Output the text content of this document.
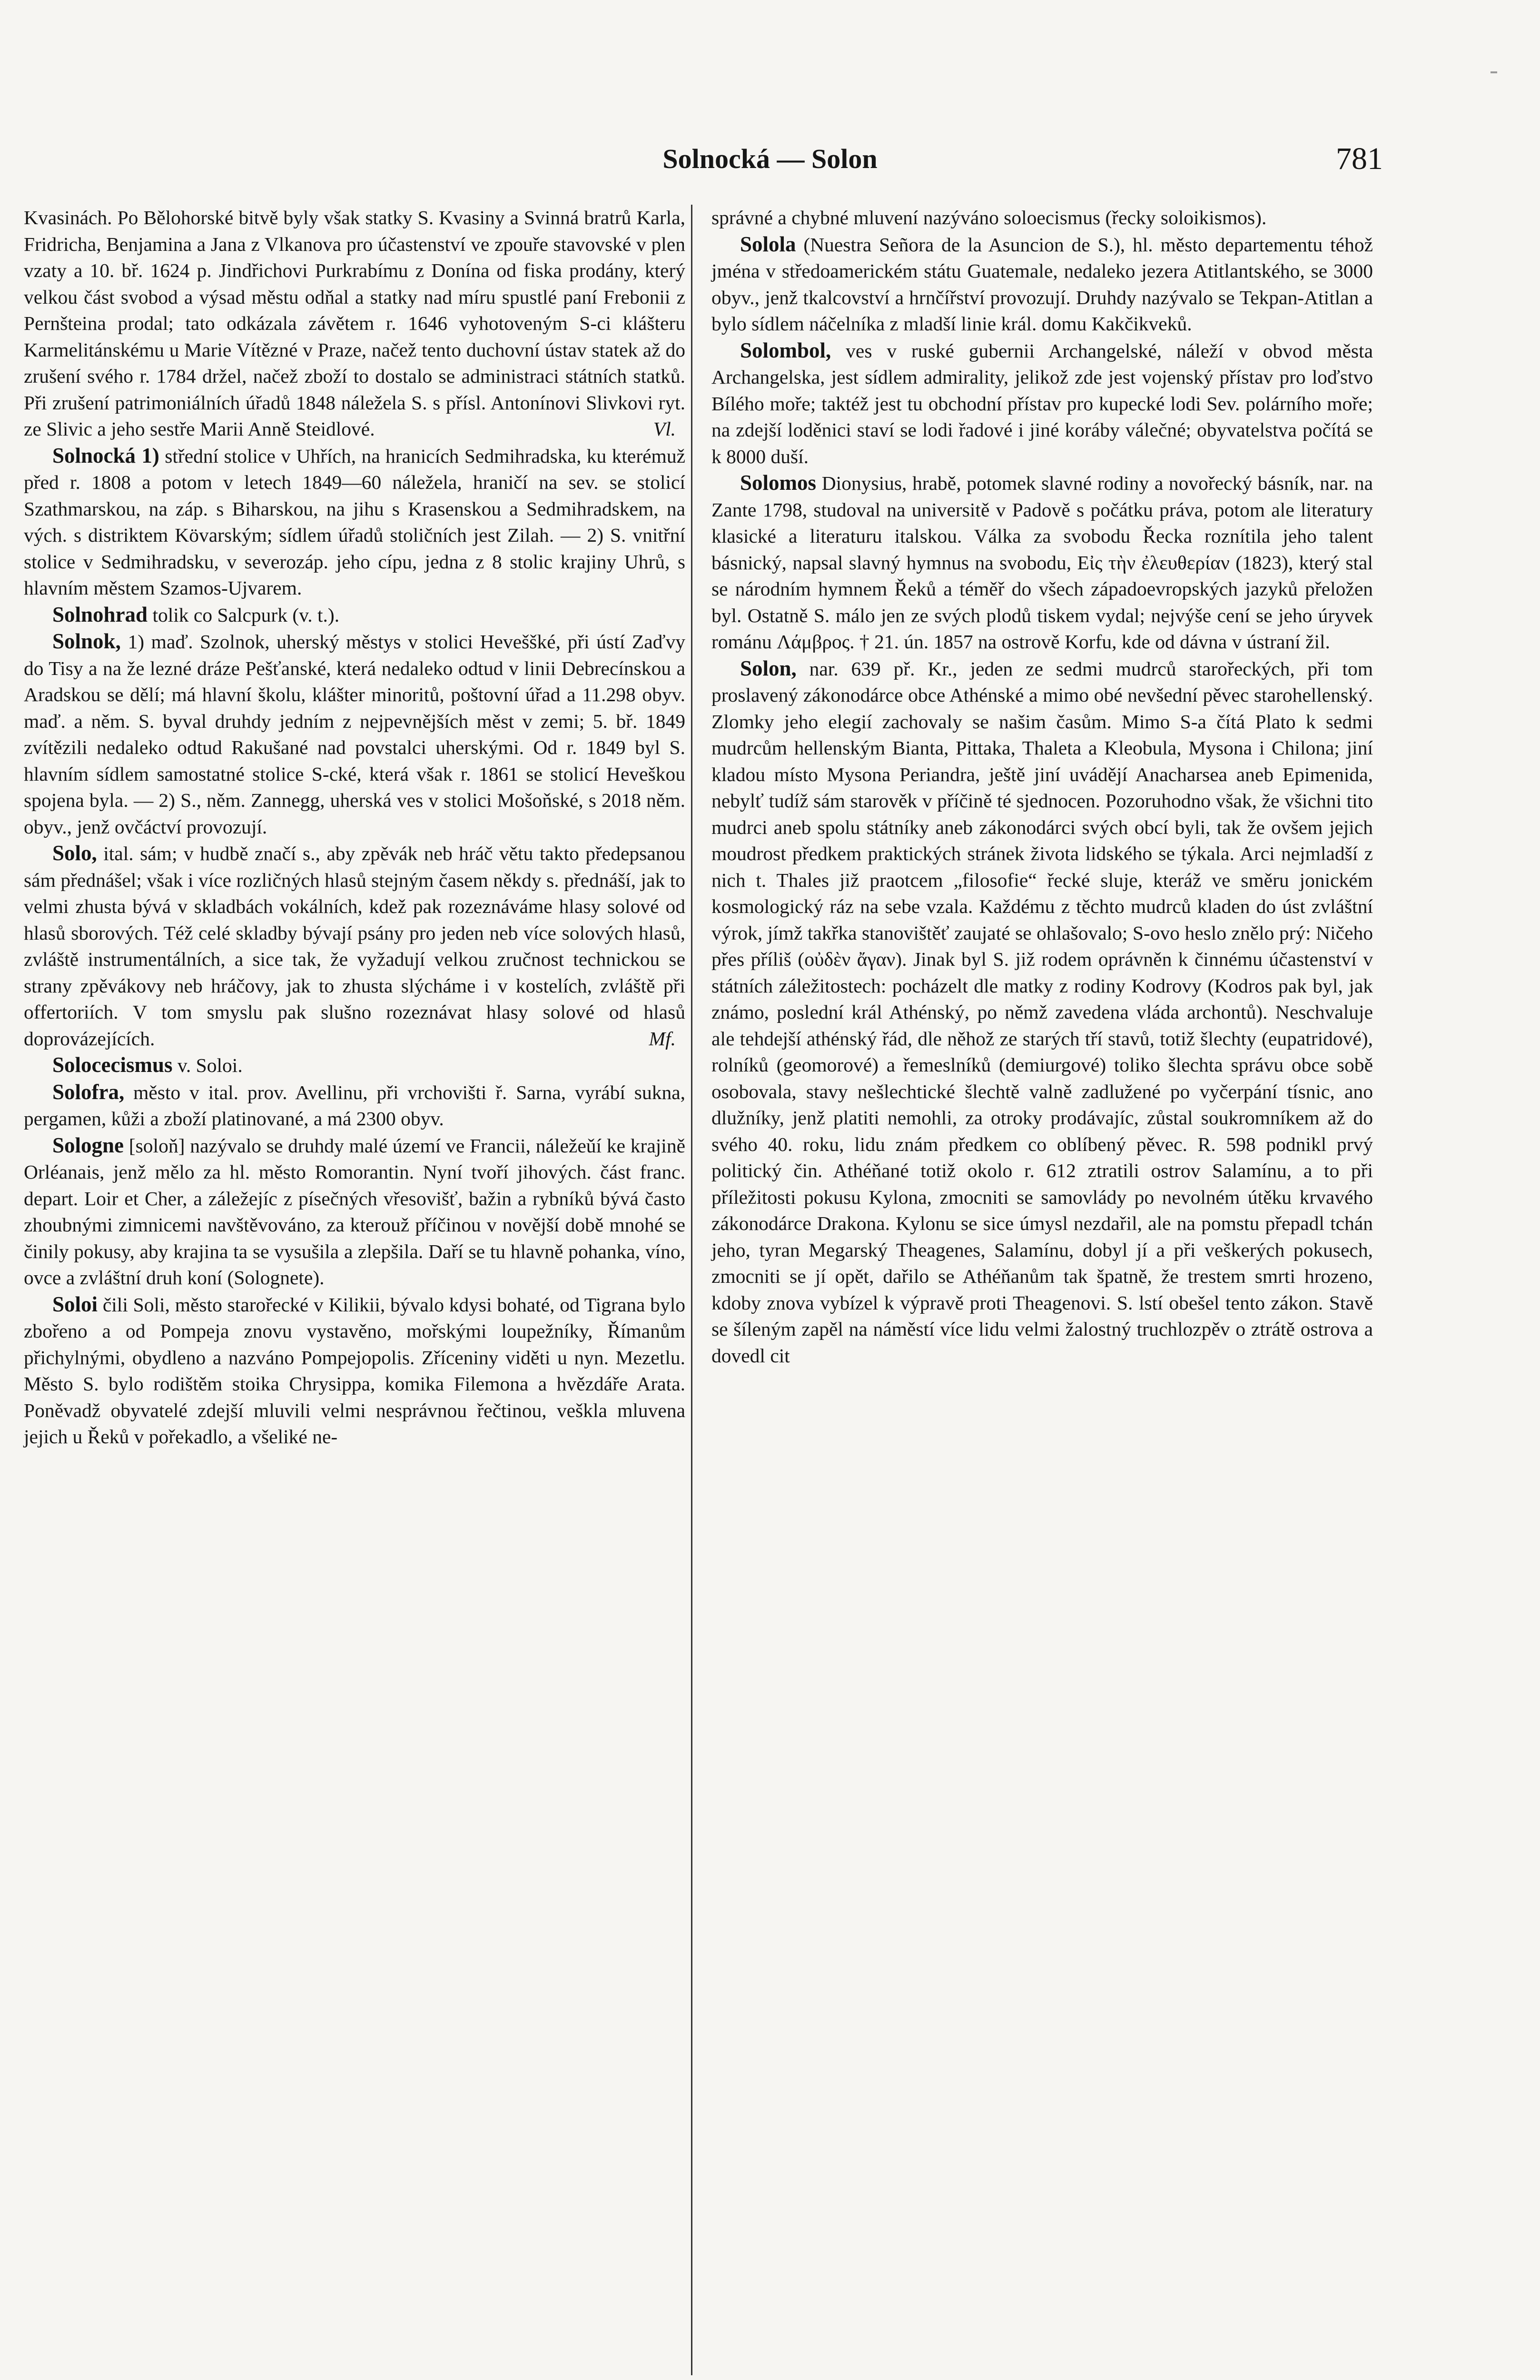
Solnocká — Solon	781

Kvasinách. Po Bělohorské bitvě byly však statky S. Kvasiny a Svinná bratrů Karla, Fridricha, Benjamina a Jana z Vlkanova pro účastenství ve zpouře stavovské v plen vzaty a 10. bř. 1624 p. Jindřichovi Purkrabímu z Donína od fiska prodány, který velkou část svobod a výsad městu odňal a statky nad míru spustlé paní Frebonii z Pernšteina prodal; tato odkázala závětem r. 1646 vyhotoveným S-ci klášteru Karmelitánskému u Marie Vítězné v Praze, načež tento duchovní ústav statek až do zrušení svého r. 1784 držel, načež zboží to dostalo se administraci státních statků. Při zrušení patrimoniálních úřadů 1848 náležela S. s přísl. Antonínovi Slivkovi ryt. ze Slivic a jeho sestře Marii Anně Steidlové.	Vl.

Solnocká 1) střední stolice v Uhřích, na hranicích Sedmihradska, ku kterémuž před r. 1808 a potom v letech 1849—60 náležela, hraničí na sev. se stolicí Szathmarskou, na záp. s Biharskou, na jihu s Krasenskou a Sedmihradskem, na vých. s distriktem Kövarským; sídlem úřadů stoličních jest Zilah. — 2) S. vnitřní stolice v Sedmihradsku, v severozáp. jeho cípu, jedna z 8 stolic krajiny Uhrů, s hlavním městem Szamos-Ujvarem.

Solnohrad tolik co Salcpurk (v. t.).

Solnok, 1) maď. Szolnok, uherský městys v stolici Heveššké, při ústí Zaďvy do Tisy a na že lezné dráze Pešťanské, která nedaleko odtud v linii Debrecínskou a Aradskou se dělí; má hlavní školu, klášter minoritů, poštovní úřad a 11.298 obyv. maď. a něm. S. byval druhdy jedním z nejpevnějších měst v zemi; 5. bř. 1849 zvítězili nedaleko odtud Rakušané nad povstalci uherskými. Od r. 1849 byl S. hlavním sídlem samostatné stolice S-cké, která však r. 1861 se stolicí Heveškou spojena byla. — 2) S., něm. Zannegg, uherská ves v stolici Mošoňské, s 2018 něm. obyv., jenž ovčáctví provozují.

Solo, ital. sám; v hudbě značí s., aby zpěvák neb hráč větu takto předepsanou sám přednášel; však i více rozličných hlasů stejným časem někdy s. přednáší, jak to velmi zhusta bývá v skladbách vokálních, kdež pak rozeznáváme hlasy solové od hlasů sborových. Též celé skladby bývají psány pro jeden neb více solových hlasů, zvláště instrumentálních, a sice tak, že vyžadují velkou zručnost technickou se strany zpěvákovy neb hráčovy, jak to zhusta slýcháme i v kostelích, zvláště při offertoriích. V tom smyslu pak slušno rozeznávat hlasy solové od hlasů doprovázejících.	Mf.

Solocecismus v. Soloi.

Solofra, město v ital. prov. Avellinu, při vrchovišti ř. Sarna, vyrábí sukna, pergamen, kůži a zboží platinované, a má 2300 obyv.

Sologne [soloň] nazývalo se druhdy malé území ve Francii, náležeǔí ke krajině Orléanais, jenž mělo za hl. město Romorantin. Nyní tvoří jihových. část franc. depart. Loir et Cher, a záležejíc z písečných vřesovišť, bažin a rybníků bývá často zhoubnými zimnicemi navštěvováno, za kterouž příčinou v novější době mnohé se činily pokusy, aby krajina ta se vysušila a zlepšila. Daří se tu hlavně pohanka, víno, ovce a zvláštní druh koní (Solognete).

Soloi čili Soli, město starořecké v Kilikii, bývalo kdysi bohaté, od Tigrana bylo zbořeno a od Pompeja znovu vystavěno, mořskými loupežníky, Římanům přichylnými, obydleno a nazváno Pompejopolis. Zříceniny viděti u nyn. Mezetlu. Město S. bylo rodištěm stoika Chrysippa, komika Filemona a hvězdáře Arata. Poněvadž obyvatelé zdejší mluvili velmi nesprávnou řečtinou, veškla mluvena jejich u Řeků v pořekadlo, a všeliké ne-

správné a chybné mluvení nazýváno soloecismus (řecky soloikismos).

Solola (Nuestra Señora de la Asuncion de S.), hl. město departementu téhož jména v středoamerickém státu Guatemale, nedaleko jezera Atitlantského, se 3000 obyv., jenž tkalcovství a hrnčířství provozují. Druhdy nazývalo se Tekpan-Atitlan a bylo sídlem náčelníka z mladší linie král. domu Kakčikveků.

Solombol, ves v ruské gubernii Archangelské, náleží v obvod města Archangelska, jest sídlem admirality, jelikož zde jest vojenský přístav pro loďstvo Bílého moře; taktéž jest tu obchodní přístav pro kupecké lodi Sev. polárního moře; na zdejší loděnici staví se lodi řadové i jiné koráby válečné; obyvatelstva počítá se k 8000 duší.

Solomos Dionysius, hrabě, potomek slavné rodiny a novořecký básník, nar. na Zante 1798, studoval na universitě v Padově s počátku práva, potom ale literatury klasické a literaturu italskou. Válka za svobodu Řecka roznítila jeho talent básnický, napsal slavný hymnus na svobodu, Εἰς τὴν ἐλευθερίαν (1823), který stal se národním hymnem Řeků a téměř do všech západoevropských jazyků přeložen byl. Ostatně S. málo jen ze svých plodů tiskem vydal; nejvýše cení se jeho úryvek románu Λάμβρος. † 21. ún. 1857 na ostrově Korfu, kde od dávna v ústraní žil.

Solon, nar. 639 př. Kr., jeden ze sedmi mudrců starořeckých, při tom proslavený zákonodárce obce Athénské a mimo obé nevšední pěvec starohellenský. Zlomky jeho elegií zachovaly se našim časům. Mimo S-a čítá Plato k sedmi mudrcům hellenským Bianta, Pittaka, Thaleta a Kleobula, Mysona i Chilona; jiní kladou místo Mysona Periandra, ještě jiní uvádějí Anacharsea aneb Epimenida, nebylť tudíž sám starověk v příčině té sjednocen. Pozoruhodno však, že všichni tito mudrci aneb spolu státníky aneb zákonodárci svých obcí byli, tak že ovšem jejich moudrost předkem praktických stránek života lidského se týkala. Arci nejmladší z nich t. Thales již praotcem „filosofie“ řecké sluje, kteráž ve směru jonickém kosmologický ráz na sebe vzala. Každému z těchto mudrců kladen do úst zvláštní výrok, jímž takřka stanovištěť zaujaté se ohlašovalo; S-ovo heslo znělo prý: Ničeho přes příliš (οὐδὲν ἄγαν). Jinak byl S. již rodem oprávněn k činnému účastenství v státních záležitostech: pocházelt dle matky z rodiny Kodrovy (Kodros pak byl, jak známo, poslední král Athénský, po němž zavedena vláda archontů). Neschvaluje ale tehdejší athénský řád, dle něhož ze starých tří stavů, totiž šlechty (eupatridové), rolníků (geomorové) a řemeslníků (demiurgové) toliko šlechta správu obce sobě osobovala, stavy nešlechtické šlechtě valně zadlužené po vyčerpání tísnic, ano dlužníky, jenž platiti nemohli, za otroky prodávajíc, zůstal soukromníkem až do svého 40. roku, lidu znám předkem co oblíbený pěvec. R. 598 podnikl prvý politický čin. Athéňané totiž okolo r. 612 ztratili ostrov Salamínu, a to při příležitosti pokusu Kylona, zmocniti se samovlády po nevolném útěku krvavého zákonodárce Drakona. Kylonu se sice úmysl nezdařil, ale na pomstu přepadl tchán jeho, tyran Megarský Theagenes, Salamínu, dobyl jí a při veškerých pokusech, zmocniti se jí opět, dařilo se Athéňanům tak špatně, že trestem smrti hrozeno, kdoby znova vybízel k výpravě proti Theagenovi. S. lstí obešel tento zákon. Stavě se šíleným zapěl na náměstí více lidu velmi žalostný truchlozpěv o ztrátě ostrova a dovedl cit
